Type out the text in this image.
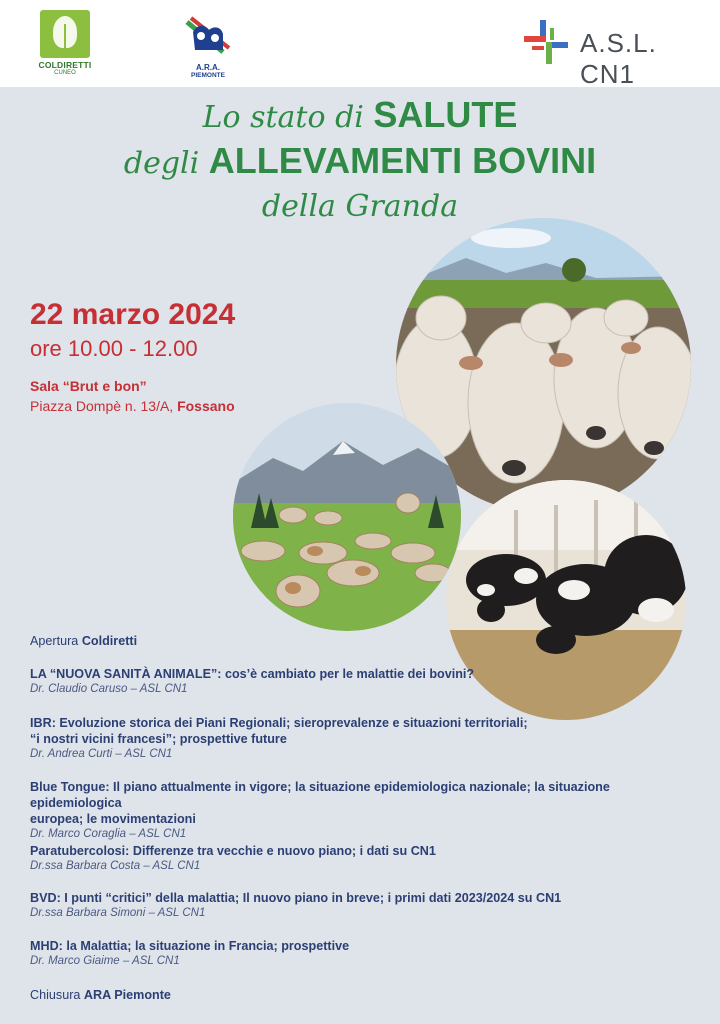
COLDIRETTI
CUNEO
A.R.A.
PIEMONTE
A.S.L. CN1
Lo stato di SALUTE
degli ALLEVAMENTI BOVINI
della Granda
22 marzo 2024
ore 10.00 - 12.00
Sala “Brut e bon”
Piazza Dompè n. 13/A, Fossano
Apertura Coldiretti
LA “NUOVA SANITÀ ANIMALE”: cos’è cambiato per le malattie dei bovini?
Dr. Claudio Caruso – ASL CN1
IBR: Evoluzione storica dei Piani Regionali; sieroprevalenze e situazioni territoriali;
“i nostri vicini francesi”; prospettive future
Dr. Andrea Curti – ASL CN1
Blue Tongue: Il piano attualmente in vigore; la situazione epidemiologica nazionale; la situazione epidemiologica
europea; le movimentazioni
Dr. Marco Coraglia – ASL CN1
Paratubercolosi: Differenze tra vecchie e nuovo piano; i dati su CN1
Dr.ssa Barbara Costa – ASL CN1
BVD: I punti “critici” della malattia; Il nuovo piano in breve; i primi dati 2023/2024 su CN1
Dr.ssa Barbara Simoni – ASL CN1
MHD: la Malattia; la situazione in Francia; prospettive
Dr. Marco Giaime – ASL CN1
Chiusura ARA Piemonte
